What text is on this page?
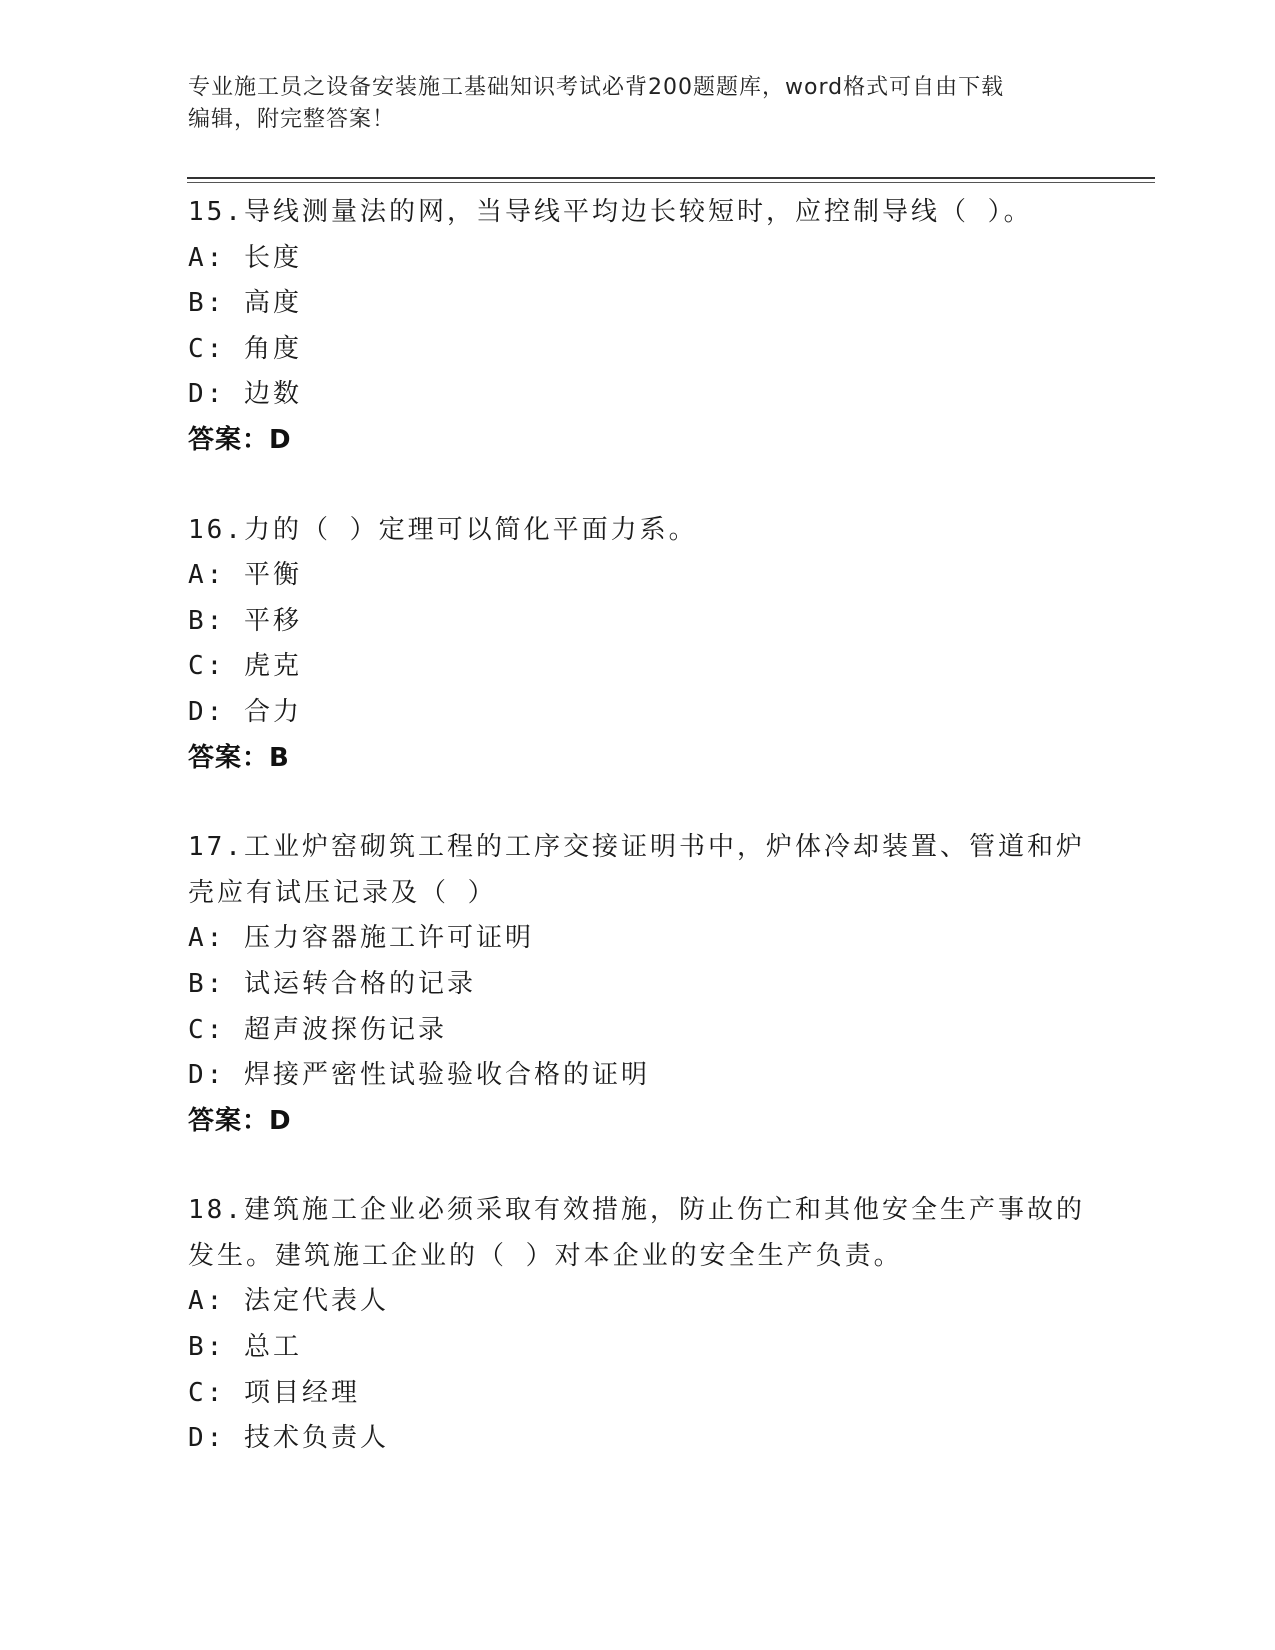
专业施工员之设备安装施工基础知识考试必背200题题库，word格式可自由下载
编辑，附完整答案！
15.导线测量法的网，当导线平均边长较短时，应控制导线（ ）。
A: 长度
B: 高度
C: 角度
D: 边数
答案：D
16.力的（ ）定理可以简化平面力系。
A: 平衡
B: 平移
C: 虎克
D: 合力
答案：B
17.工业炉窑砌筑工程的工序交接证明书中，炉体冷却装置、管道和炉
壳应有试压记录及（ ）
A: 压力容器施工许可证明
B: 试运转合格的记录
C: 超声波探伤记录
D: 焊接严密性试验验收合格的证明
答案：D
18.建筑施工企业必须采取有效措施，防止伤亡和其他安全生产事故的
发生。建筑施工企业的（ ）对本企业的安全生产负责。
A: 法定代表人
B: 总工
C: 项目经理
D: 技术负责人
